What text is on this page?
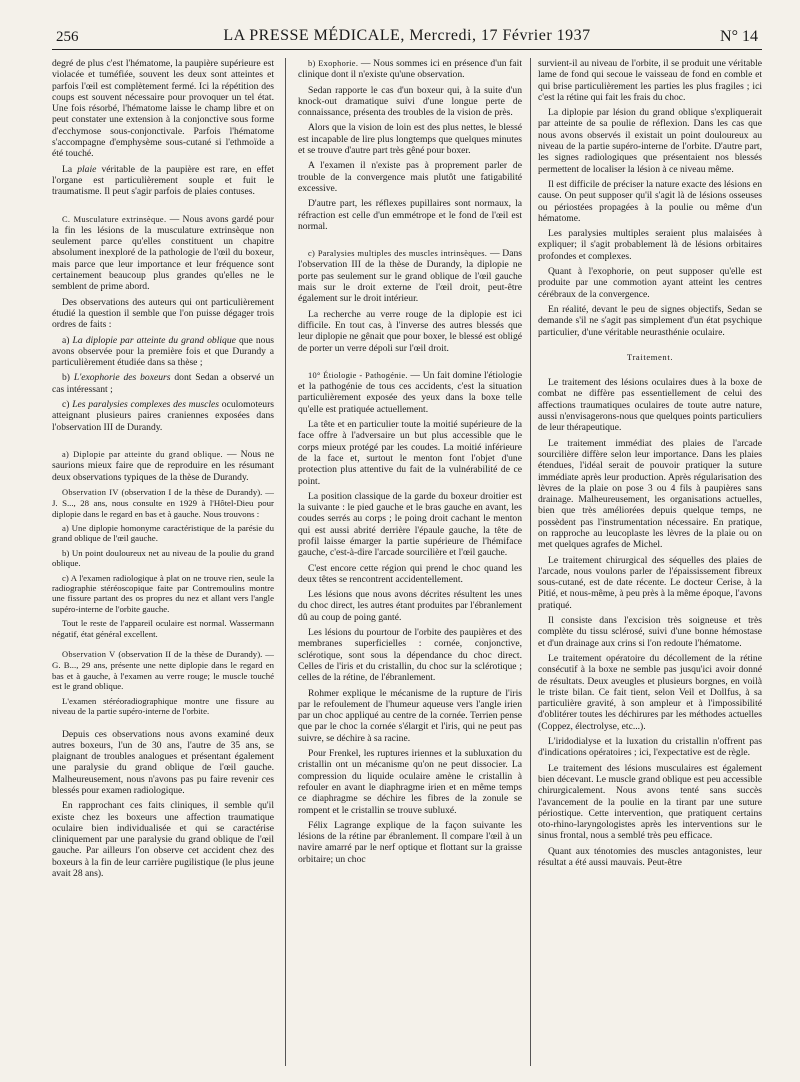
256	LA PRESSE MÉDICALE, Mercredi, 17 Février 1937	N° 14

degré de plus c'est l'hématome, la paupière supérieure est violacée et tuméfiée, souvent les deux sont atteintes et parfois l'œil est complètement fermé. Ici la répétition des coups est souvent nécessaire pour provoquer un tel état. Une fois résorbé, l'hématome laisse le champ libre et on peut constater une extension à la conjonctive sous forme d'ecchymose sous-conjonctivale. Parfois l'hématome s'accompagne d'emphysème sous-cutané si l'ethmoïde a été touché.

La plaie véritable de la paupière est rare, en effet l'organe est particulièrement souple et fuit le traumatisme. Il peut s'agir parfois de plaies contuses.

C. Musculature extrinsèque. — Nous avons gardé pour la fin les lésions de la musculature extrinsèque non seulement parce qu'elles constituent un chapitre absolument inexploré de la pathologie de l'œil du boxeur, mais parce que leur importance et leur fréquence sont certainement beaucoup plus grandes qu'elles ne le semblent de prime abord.

Des observations des auteurs qui ont particulièrement étudié la question il semble que l'on puisse dégager trois ordres de faits :

a) La diplopie par atteinte du grand oblique que nous avons observée pour la première fois et que Durandy a particulièrement étudiée dans sa thèse ;

b) L'exophorie des boxeurs dont Sedan a observé un cas intéressant ;

c) Les paralysies complexes des muscles oculomoteurs atteignant plusieurs paires craniennes exposées dans l'observation III de Durandy.

a) Diplopie par atteinte du grand oblique. — Nous ne saurions mieux faire que de reproduire en les résumant deux observations typiques de la thèse de Durandy.

Observation IV (observation I de la thèse de Durandy). — J. S..., 28 ans, nous consulte en 1929 à l'Hôtel-Dieu pour diplopie dans le regard en bas et à gauche. Nous trouvons :

a) Une diplopie homonyme caractéristique de la parésie du grand oblique de l'œil gauche.

b) Un point douloureux net au niveau de la poulie du grand oblique.

c) A l'examen radiologique à plat on ne trouve rien, seule la radiographie stéréoscopique faite par Contremoulins montre une fissure partant des os propres du nez et allant vers l'angle supéro-interne de l'orbite gauche.

Tout le reste de l'appareil oculaire est normal. Wassermann négatif, état général excellent.

Observation V (observation II de la thèse de Durandy). — G. B..., 29 ans, présente une nette diplopie dans le regard en bas et à gauche, à l'examen au verre rouge; le muscle touché est le grand oblique.

L'examen stéréoradiographique montre une fissure au niveau de la partie supéro-interne de l'orbite.

Depuis ces observations nous avons examiné deux autres boxeurs, l'un de 30 ans, l'autre de 35 ans, se plaignant de troubles analogues et présentant également une paralysie du grand oblique de l'œil gauche. Malheureusement, nous n'avons pas pu faire revenir ces blessés pour examen radiologique.

En rapprochant ces faits cliniques, il semble qu'il existe chez les boxeurs une affection traumatique oculaire bien individualisée et qui se caractérise cliniquement par une paralysie du grand oblique de l'œil gauche. Par ailleurs l'on observe cet accident chez des boxeurs à la fin de leur carrière pugilistique (le plus jeune avait 28 ans).

b) Exophorie. — Nous sommes ici en présence d'un fait clinique dont il n'existe qu'une observation.

Sedan rapporte le cas d'un boxeur qui, à la suite d'un knock-out dramatique suivi d'une longue perte de connaissance, présenta des troubles de la vision de près.

Alors que la vision de loin est des plus nettes, le blessé est incapable de lire plus longtemps que quelques minutes et se trouve d'autre part très gêné pour boxer.

A l'examen il n'existe pas à proprement parler de trouble de la convergence mais plutôt une fatigabilité excessive.

D'autre part, les réflexes pupillaires sont normaux, la réfraction est celle d'un emmétrope et le fond de l'œil est normal.

c) Paralysies multiples des muscles intrinsèques. — Dans l'observation III de la thèse de Durandy, la diplopie ne porte pas seulement sur le grand oblique de l'œil gauche mais sur le droit externe de l'œil droit, peut-être également sur le droit intérieur.

La recherche au verre rouge de la diplopie est ici difficile. En tout cas, à l'inverse des autres blessés que leur diplopie ne gênait que pour boxer, le blessé est obligé de porter un verre dépoli sur l'œil droit.

10° Étiologie - Pathogénie. — Un fait domine l'étiologie et la pathogénie de tous ces accidents, c'est la situation particulièrement exposée des yeux dans la boxe telle qu'elle est pratiquée actuellement.

La tête et en particulier toute la moitié supérieure de la face offre à l'adversaire un but plus accessible que le corps mieux protégé par les coudes. La moitié inférieure de la face et, surtout le menton font l'objet d'une protection plus attentive du fait de la vulnérabilité de ce point.

La position classique de la garde du boxeur droitier est la suivante : le pied gauche et le bras gauche en avant, les coudes serrés au corps ; le poing droit cachant le menton qui est aussi abrité derrière l'épaule gauche, la tête de profil laisse émarger la partie supérieure de l'hémiface gauche, c'est-à-dire l'arcade sourcilière et l'œil gauche.

C'est encore cette région qui prend le choc quand les deux têtes se rencontrent accidentellement.

Les lésions que nous avons décrites résultent les unes du choc direct, les autres étant produites par l'ébranlement dû au coup de poing ganté.

Les lésions du pourtour de l'orbite des paupières et des membranes superficielles : cornée, conjonctive, sclérotique, sont sous la dépendance du choc direct. Celles de l'iris et du cristallin, du choc sur la sclérotique ; celles de la rétine, de l'ébranlement.

Rohmer explique le mécanisme de la rupture de l'iris par le refoulement de l'humeur aqueuse vers l'angle irien par un choc appliqué au centre de la cornée. Terrien pense que par le choc la cornée s'élargit et l'iris, qui ne peut pas suivre, se déchire à sa racine.

Pour Frenkel, les ruptures iriennes et la subluxation du cristallin ont un mécanisme qu'on ne peut dissocier. La compression du liquide oculaire amène le cristallin à refouler en avant le diaphragme irien et en même temps ce diaphragme se déchire les fibres de la zonule se rompent et le cristallin se trouve subluxé.

Félix Lagrange explique de la façon suivante les lésions de la rétine par ébranlement. Il compare l'œil à un navire amarré par le nerf optique et flottant sur la graisse orbitaire; un choc

survient-il au niveau de l'orbite, il se produit une véritable lame de fond qui secoue le vaisseau de fond en comble et qui brise particulièrement les parties les plus fragiles ; ici c'est la rétine qui fait les frais du choc.

La diplopie par lésion du grand oblique s'expliquerait par atteinte de sa poulie de réflexion. Dans les cas que nous avons observés il existait un point douloureux au niveau de la partie supéro-interne de l'orbite. D'autre part, les signes radiologiques que présentaient nos blessés permettent de localiser la lésion à ce niveau même.

Il est difficile de préciser la nature exacte des lésions en cause. On peut supposer qu'il s'agit là de lésions osseuses ou périostées propagées à la poulie ou même d'un hématome.

Les paralysies multiples seraient plus malaisées à expliquer; il s'agit probablement là de lésions orbitaires profondes et complexes.

Quant à l'exophorie, on peut supposer qu'elle est produite par une commotion ayant atteint les centres cérébraux de la convergence.

En réalité, devant le peu de signes objectifs, Sedan se demande s'il ne s'agit pas simplement d'un état psychique particulier, d'une véritable neurasthénie oculaire.

Traitement.

Le traitement des lésions oculaires dues à la boxe de combat ne diffère pas essentiellement de celui des affections traumatiques oculaires de toute autre nature, aussi n'envisagerons-nous que quelques points particuliers de leur thérapeutique.

Le traitement immédiat des plaies de l'arcade sourcilière diffère selon leur importance. Dans les plaies étendues, l'idéal serait de pouvoir pratiquer la suture immédiate après leur production. Après régularisation des lèvres de la plaie on pose 3 ou 4 fils à paupières sans drainage. Malheureusement, les organisations actuelles, bien que très améliorées depuis quelque temps, ne possèdent pas l'instrumentation nécessaire. En pratique, on rapproche au leucoplaste les lèvres de la plaie ou on met quelques agrafes de Michel.

Le traitement chirurgical des séquelles des plaies de l'arcade, nous voulons parler de l'épaississement fibreux sous-cutané, est de date récente. Le docteur Cerise, à la Pitié, et nous-même, à peu près à la même époque, l'avons pratiqué.

Il consiste dans l'excision très soigneuse et très complète du tissu sclérosé, suivi d'une bonne hémostase et d'un drainage aux crins si l'on redoute l'hématome.

Le traitement opératoire du décollement de la rétine consécutif à la boxe ne semble pas jusqu'ici avoir donné de résultats. Deux aveugles et plusieurs borgnes, en voilà le triste bilan. Ce fait tient, selon Veil et Dollfus, à sa particulière gravité, à son ampleur et à l'impossibilité d'oblitérer toutes les déchirures par les méthodes actuelles (Coppez, électrolyse, etc...).

L'iridodialyse et la luxation du cristallin n'offrent pas d'indications opératoires ; ici, l'expectative est de règle.

Le traitement des lésions musculaires est également bien décevant. Le muscle grand oblique est peu accessible chirurgicalement. Nous avons tenté sans succès l'avancement de la poulie en la tirant par une suture périostique. Cette intervention, que pratiquent certains oto-rhino-laryngologistes après les interventions sur le sinus frontal, nous a semblé très peu efficace.

Quant aux ténotomies des muscles antagonistes, leur résultat a été aussi mauvais. Peut-être
